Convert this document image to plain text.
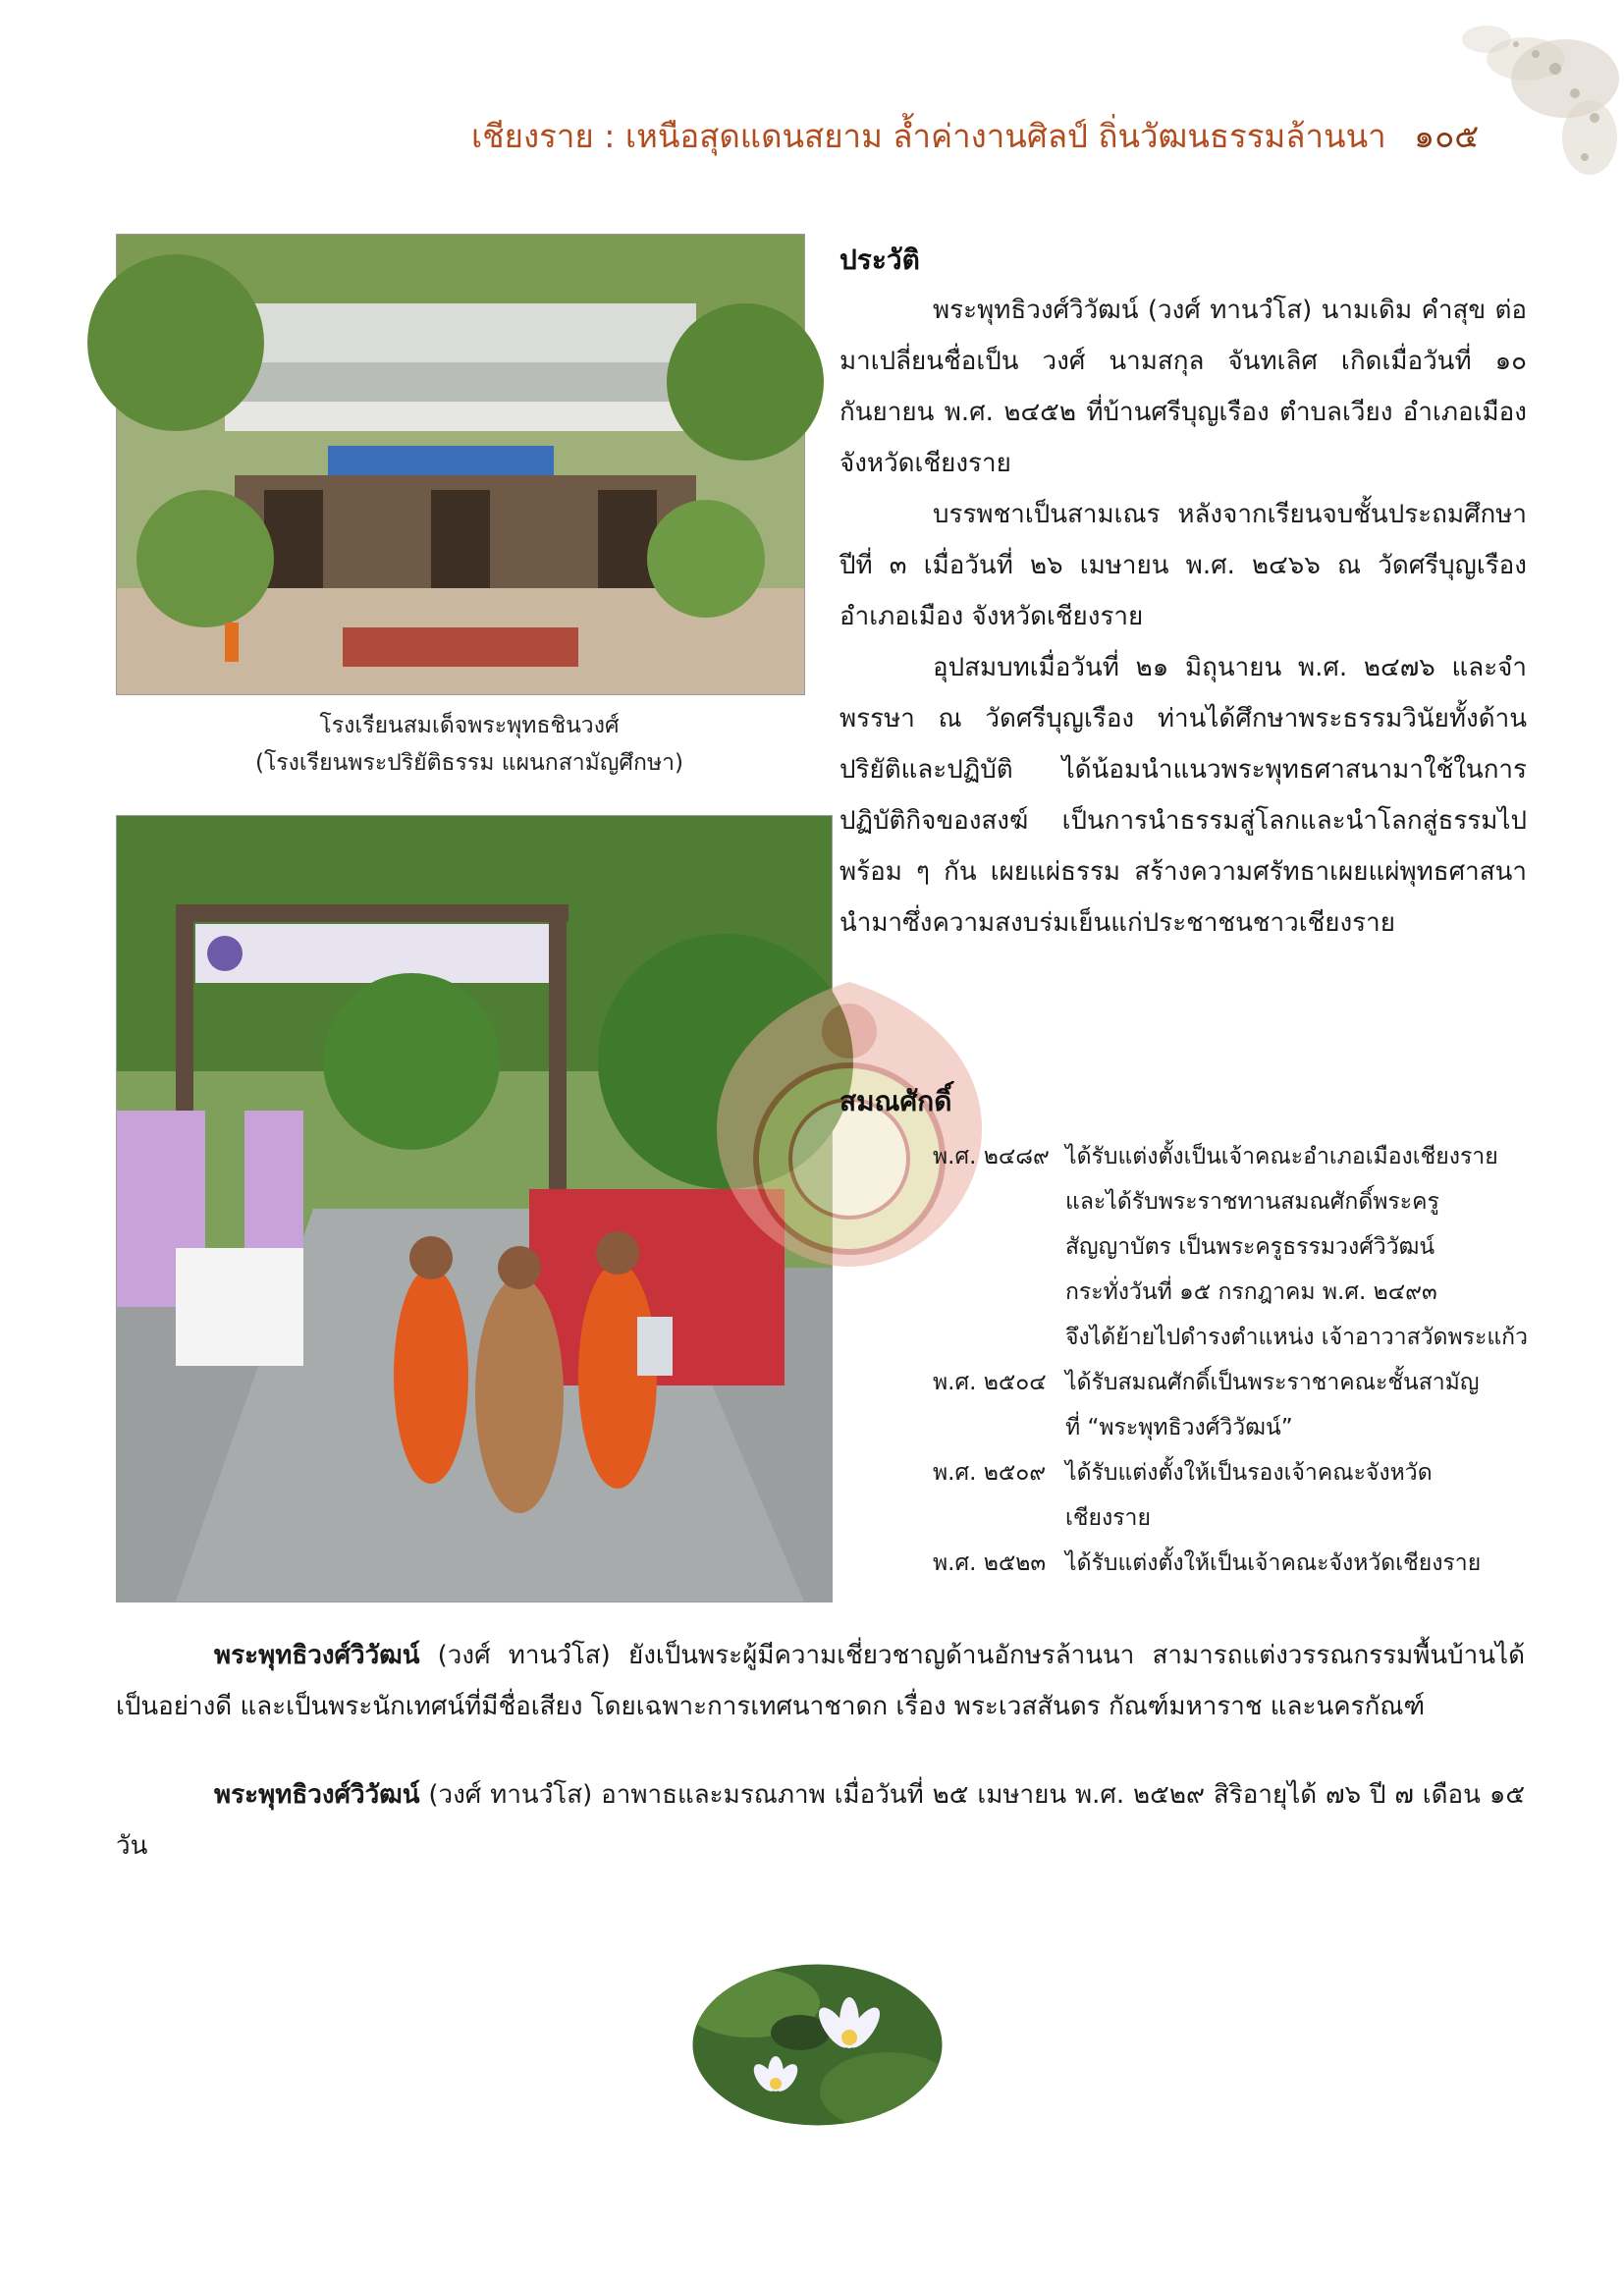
เชียงราย : เหนือสุดแดนสยาม ล้ำค่างานศิลป์ ถิ่นวัฒนธรรมล้านนา ๑๐๕
โรงเรียนสมเด็จพระพุทธชินวงศ์
(โรงเรียนพระปริยัติธรรม แผนกสามัญศึกษา)
ประวัติ

พระพุทธิวงศ์วิวัฒน์ (วงศ์ ทานวํโส) นามเดิม คำสุข ต่อมาเปลี่ยนชื่อเป็น วงศ์ นามสกุล จันทเลิศ เกิดเมื่อวันที่ ๑๐ กันยายน พ.ศ. ๒๔๕๒ ที่บ้านศรีบุญเรือง ตำบลเวียง อำเภอเมือง จังหวัดเชียงราย

บรรพชาเป็นสามเณร หลังจากเรียนจบชั้นประถมศึกษาปีที่ ๓ เมื่อวันที่ ๒๖ เมษายน พ.ศ. ๒๔๖๖ ณ วัดศรีบุญเรือง อำเภอเมือง จังหวัดเชียงราย

อุปสมบทเมื่อวันที่ ๒๑ มิถุนายน พ.ศ. ๒๔๗๖ และจำพรรษา ณ วัดศรีบุญเรือง ท่านได้ศึกษาพระธรรมวินัยทั้งด้านปริยัติและปฏิบัติ ได้น้อมนำแนวพระพุทธศาสนามาใช้ในการปฏิบัติกิจของสงฆ์ เป็นการนำธรรมสู่โลกและนำโลกสู่ธรรมไปพร้อม ๆ กัน เผยแผ่ธรรม สร้างความศรัทธาเผยแผ่พุทธศาสนา นำมาซึ่งความสงบร่มเย็นแก่ประชาชนชาวเชียงราย

สมณศักดิ์
พ.ศ. ๒๔๘๙ ได้รับแต่งตั้งเป็นเจ้าคณะอำเภอเมืองเชียงราย
และได้รับพระราชทานสมณศักดิ์พระครู
สัญญาบัตร เป็นพระครูธรรมวงศ์วิวัฒน์
กระทั่งวันที่ ๑๕ กรกฎาคม พ.ศ. ๒๔๙๓
จึงได้ย้ายไปดำรงตำแหน่ง เจ้าอาวาสวัดพระแก้ว
พ.ศ. ๒๕๐๔ ได้รับสมณศักดิ์เป็นพระราชาคณะชั้นสามัญ
ที่ “พระพุทธิวงศ์วิวัฒน์”
พ.ศ. ๒๕๐๙ ได้รับแต่งตั้งให้เป็นรองเจ้าคณะจังหวัด
เชียงราย
พ.ศ. ๒๕๒๓ ได้รับแต่งตั้งให้เป็นเจ้าคณะจังหวัดเชียงราย

พระพุทธิวงศ์วิวัฒน์ (วงศ์ ทานวํโส) ยังเป็นพระผู้มีความเชี่ยวชาญด้านอักษรล้านนา สามารถแต่งวรรณกรรมพื้นบ้านได้เป็นอย่างดี และเป็นพระนักเทศน์ที่มีชื่อเสียง โดยเฉพาะการเทศนาชาดก เรื่อง พระเวสสันดร กัณฑ์มหาราช และนครกัณฑ์

พระพุทธิวงศ์วิวัฒน์ (วงศ์ ทานวํโส) อาพาธและมรณภาพ เมื่อวันที่ ๒๕ เมษายน พ.ศ. ๒๕๒๙ สิริอายุได้ ๗๖ ปี ๗ เดือน ๑๕ วัน
